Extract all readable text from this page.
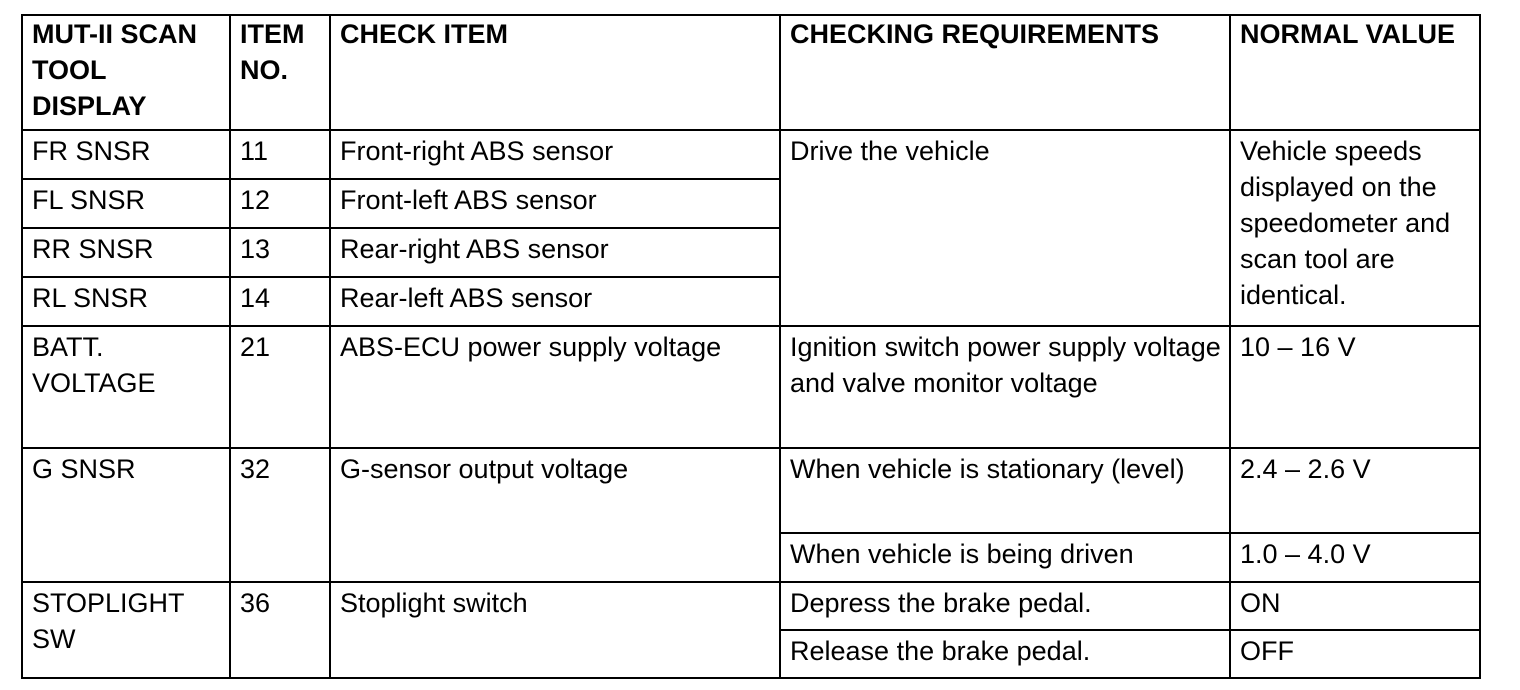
MUT-II SCAN TOOL DISPLAY	ITEM NO.	CHECK ITEM	CHECKING REQUIREMENTS	NORMAL VALUE
FR SNSR	11	Front-right ABS sensor	Drive the vehicle	Vehicle speeds displayed on the speedometer and scan tool are identical.
FL SNSR	12	Front-left ABS sensor		
RR SNSR	13	Rear-right ABS sensor		
RL SNSR	14	Rear-left ABS sensor		
BATT. VOLTAGE	21	ABS-ECU power supply voltage	Ignition switch power supply voltage and valve monitor voltage	10 – 16 V
G SNSR	32	G-sensor output voltage	When vehicle is stationary (level)	2.4 – 2.6 V
			When vehicle is being driven	1.0 – 4.0 V
STOPLIGHT SW	36	Stoplight switch	Depress the brake pedal.	ON
			Release the brake pedal.	OFF
